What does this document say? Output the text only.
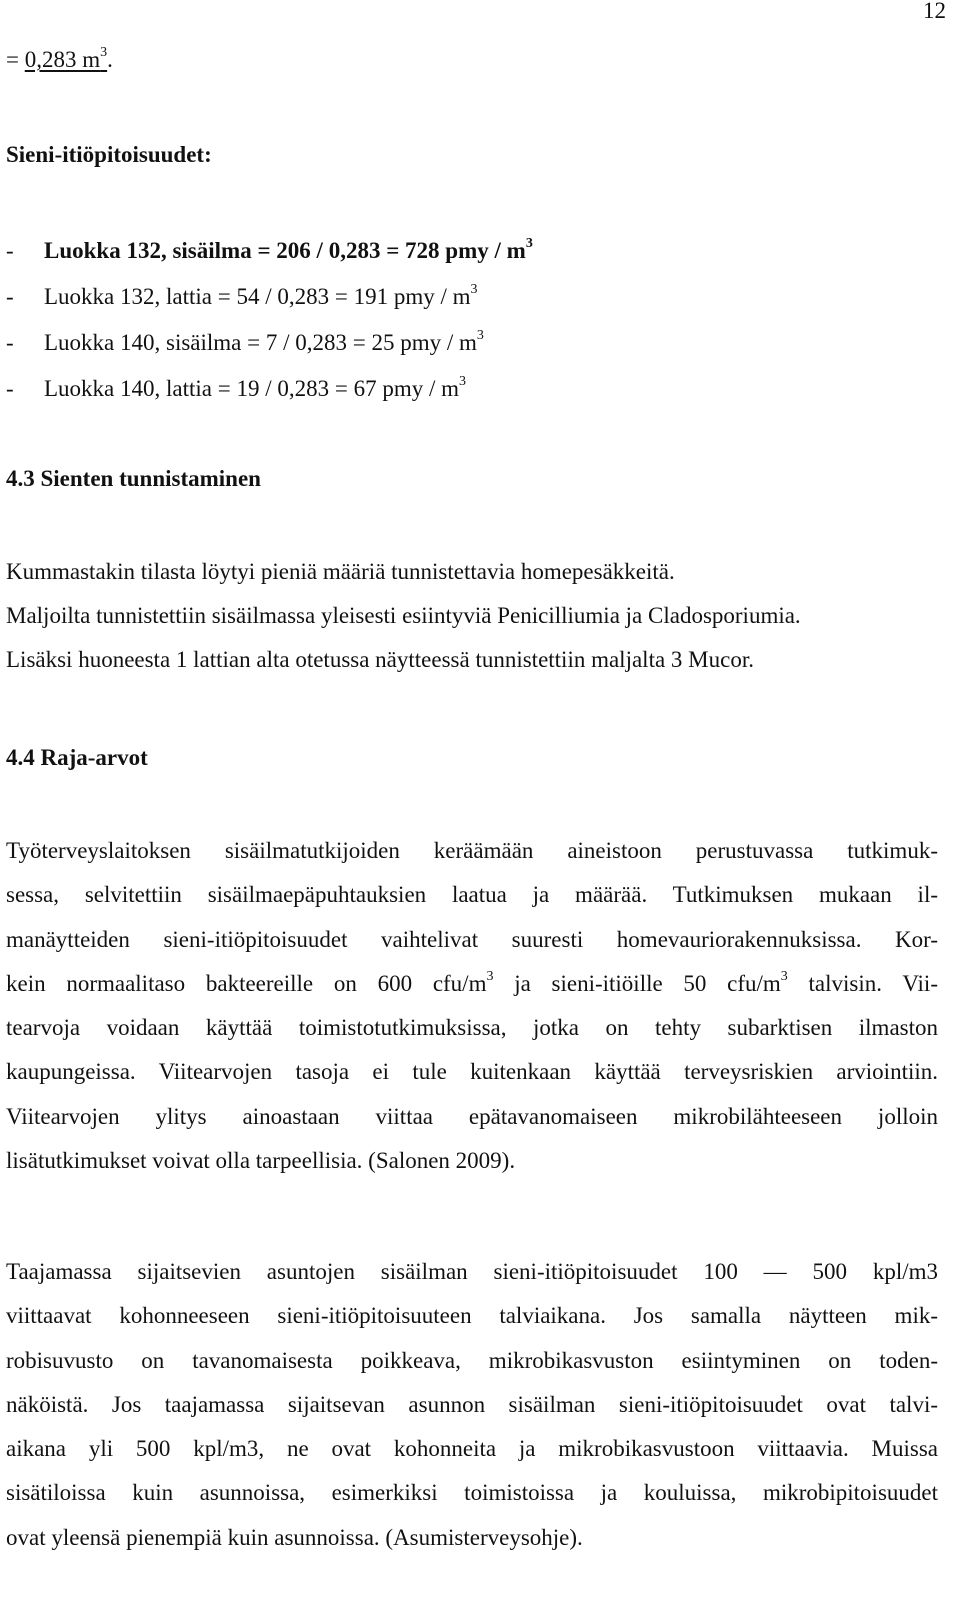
12
= 0,283 $m^3$.
Sieni-itiöpitoisuudet:
- Luokka 132, sisäilma = 206 / 0,283 = 728 pmy / $m^3$
- Luokka 132, lattia = 54 / 0,283 = 191 pmy / $m^3$
- Luokka 140, sisäilma = 7 / 0,283 = 25 pmy / $m^3$
- Luokka 140, lattia = 19 / 0,283 = 67 pmy / $m^3$
4.3 Sienten tunnistaminen
Kummastakin tilasta löytyi pieniä määriä tunnistettavia homepesäkkeitä.
Maljoilta tunnistettiin sisäilmassa yleisesti esiintyviä Penicilliumia ja Cladosporiumia.
Lisäksi huoneesta 1 lattian alta otetussa näytteessä tunnistettiin maljalta 3 Mucor.
4.4 Raja-arvot
Työterveyslaitoksen sisäilmatutkijoiden keräämään aineistoon perustuvassa tutkimuk-
sessa, selvitettiin sisäilmaepäpuhtauksien laatua ja määrää. Tutkimuksen mukaan il-
manäytteiden sieni-itiöpitoisuudet vaihtelivat suuresti homevauriorakennuksissa. Kor-
kein normaalitaso bakteereille on 600 cfu/$m^3$ ja sieni-itiöille 50 cfu/$m^3$ talvisin. Vii-
tearvoja voidaan käyttää toimistotutkimuksissa, jotka on tehty subarktisen ilmaston
kaupungeissa. Viitearvojen tasoja ei tule kuitenkaan käyttää terveysriskien arviointiin.
Viitearvojen ylitys ainoastaan viittaa epätavanomaiseen mikrobilähteeseen jolloin
lisätutkimukset voivat olla tarpeellisia. (Salonen 2009).
Taajamassa sijaitsevien asuntojen sisäilman sieni-itiöpitoisuudet 100 — 500 kpl/m3
viittaavat kohonneeseen sieni-itiöpitoisuuteen talviaikana. Jos samalla näytteen mik-
robisuvusto on tavanomaisesta poikkeava, mikrobikasvuston esiintyminen on toden-
näköistä. Jos taajamassa sijaitsevan asunnon sisäilman sieni-itiöpitoisuudet ovat talvi-
aikana yli 500 kpl/m3, ne ovat kohonneita ja mikrobikasvustoon viittaavia. Muissa
sisätiloissa kuin asunnoissa, esimerkiksi toimistoissa ja kouluissa, mikrobipitoisuudet
ovat yleensä pienempiä kuin asunnoissa. (Asumisterveysohje).
